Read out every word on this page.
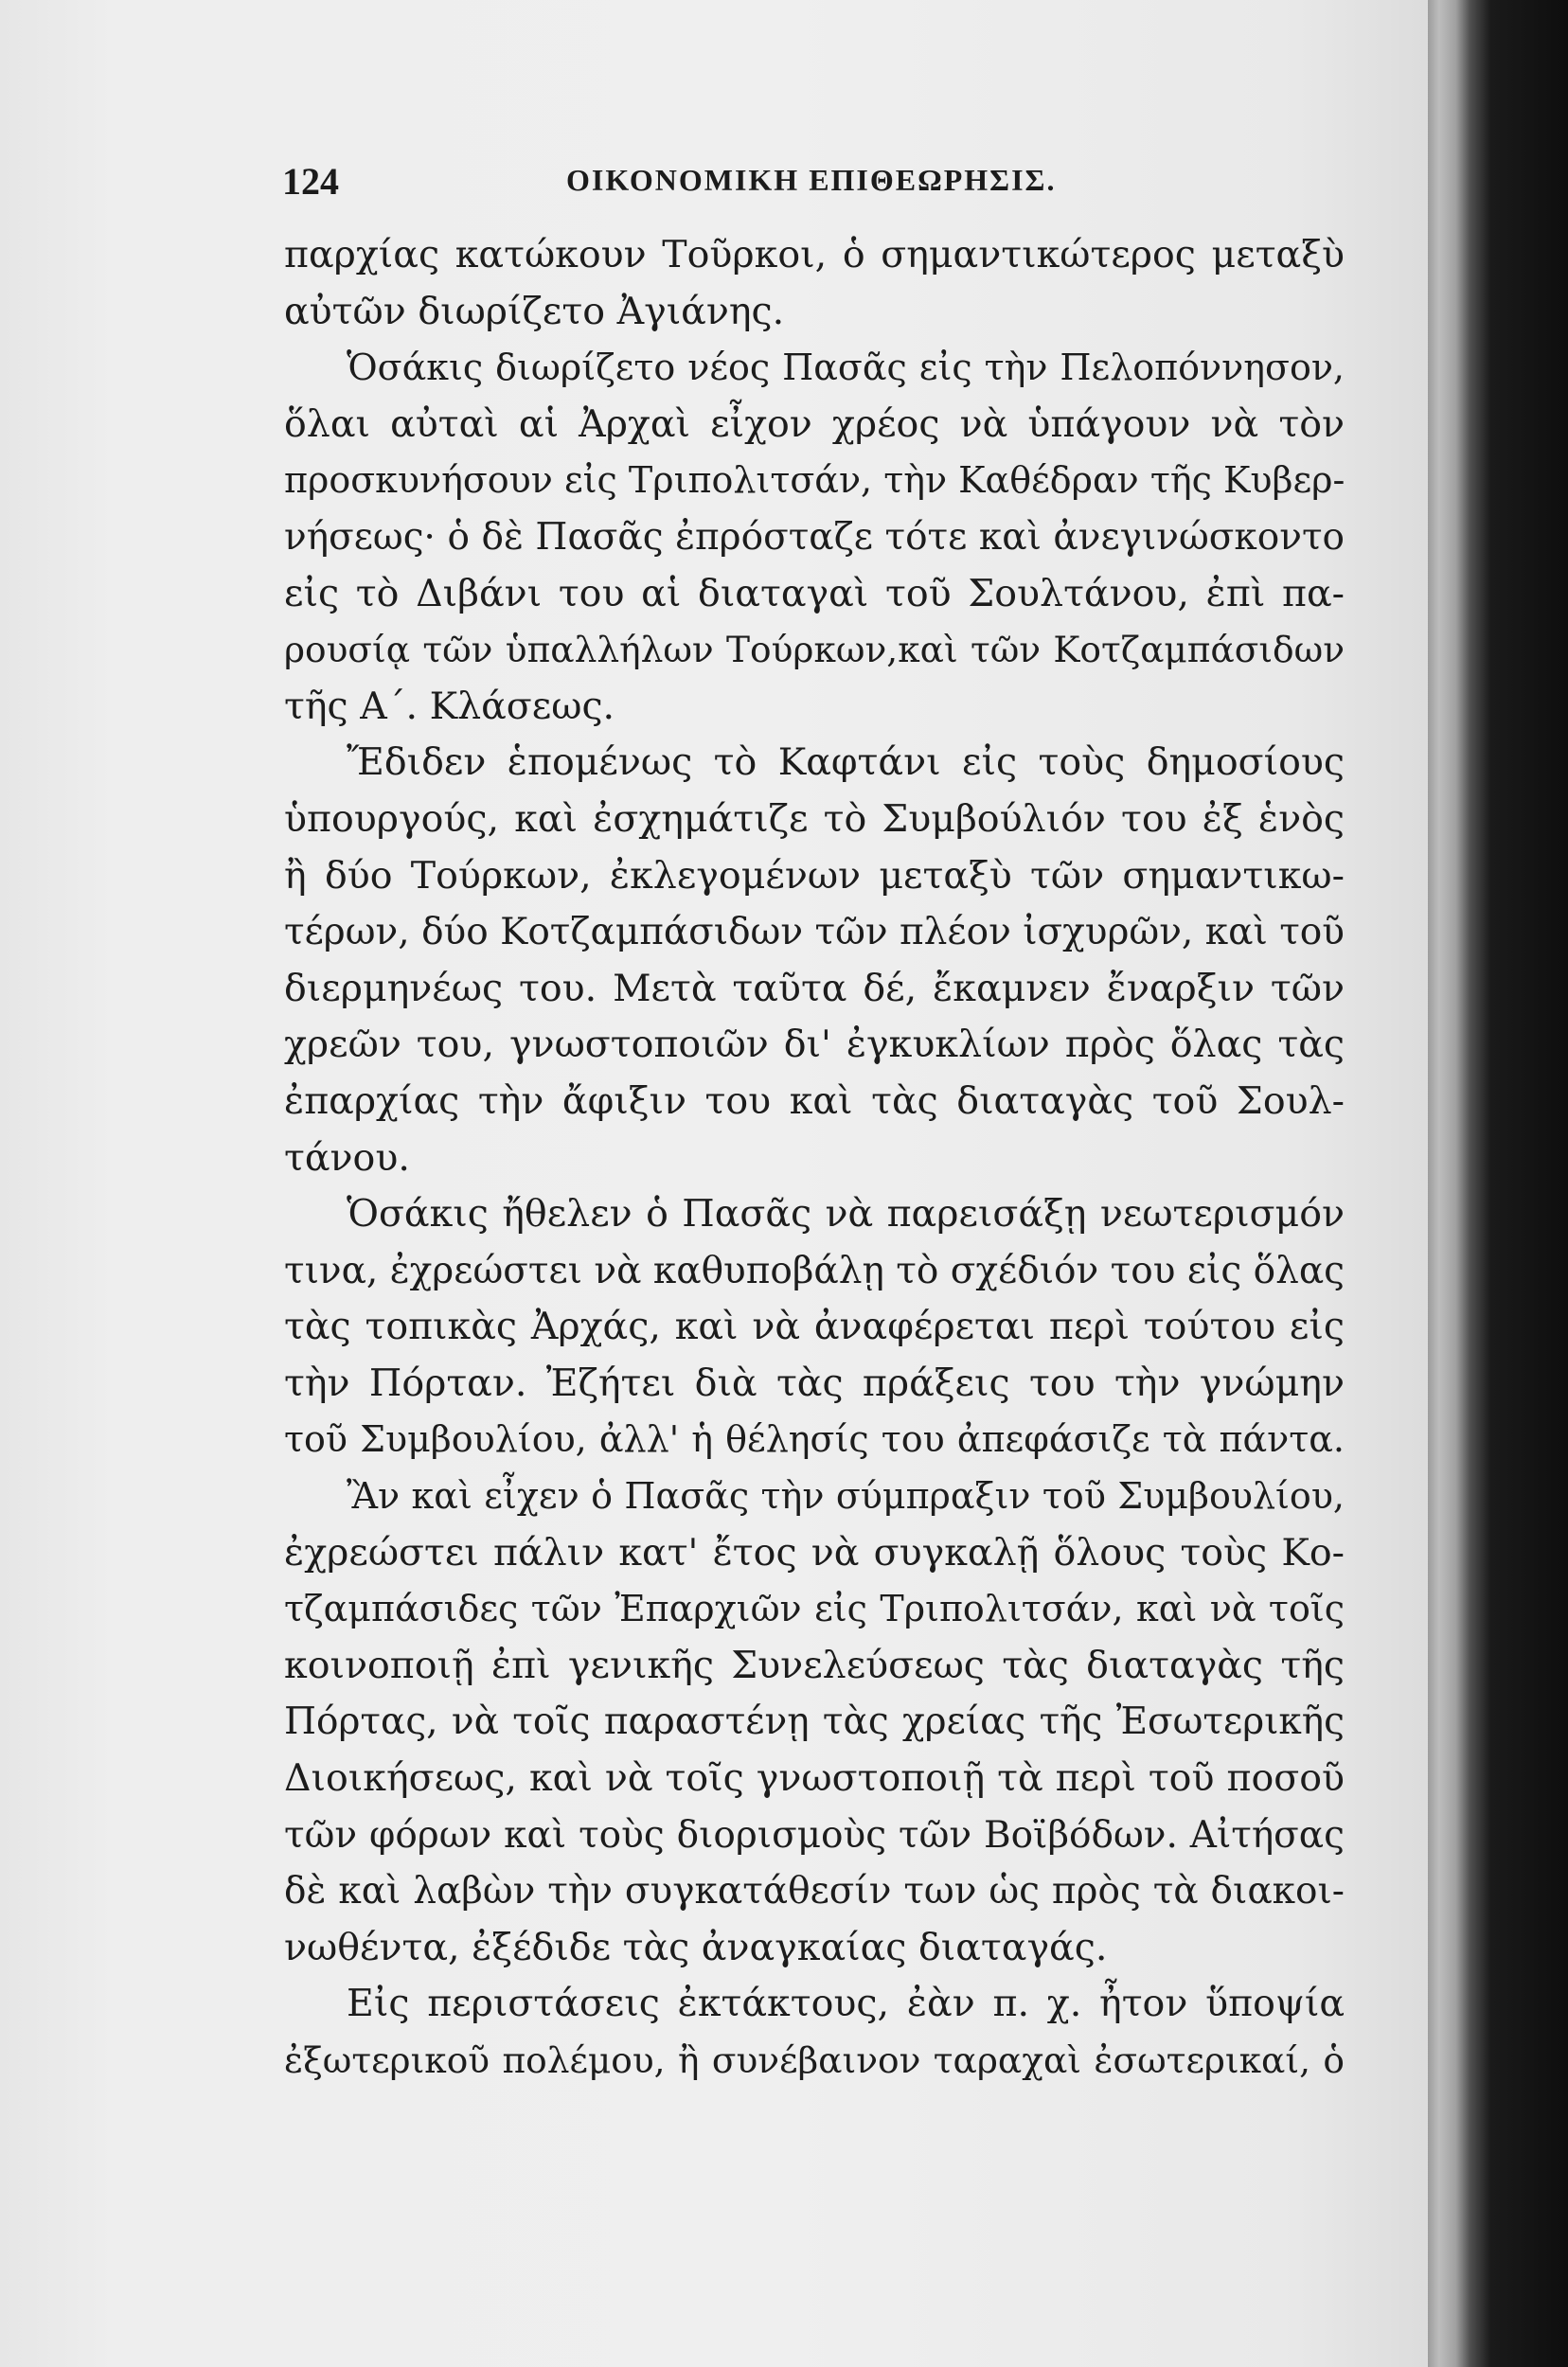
124	ΟΙΚΟΝΟΜΙΚΗ ΕΠΙΘΕΩΡΗΣΙΣ.
παρχίας κατώκουν Τοῦρκοι, ὁ σημαντικώτερος μεταξὺ
αὐτῶν διωρίζετο Ἀγιάνης.
Ὁσάκις διωρίζετο νέος Πασᾶς εἰς τὴν Πελοπόννησον,
ὅλαι αὐταὶ αἱ Ἀρχαὶ εἶχον χρέος νὰ ὑπάγουν νὰ τὸν
προσκυνήσουν εἰς Τριπολιτσάν, τὴν Καθέδραν τῆς Κυβερ-
νήσεως· ὁ δὲ Πασᾶς ἐπρόσταζε τότε καὶ ἀνεγινώσκοντο
εἰς τὸ Διβάνι του αἱ διαταγαὶ τοῦ Σουλτάνου, ἐπὶ πα-
ρουσίᾳ τῶν ὑπαλλήλων Τούρκων,καὶ τῶν Κοτζαμπάσιδων
τῆς Α΄. Κλάσεως.
Ἔδιδεν ἑπομένως τὸ Καφτάνι εἰς τοὺς δημοσίους
ὑπουργούς, καὶ ἐσχημάτιζε τὸ Συμβούλιόν του ἐξ ἑνὸς
ἢ δύο Τούρκων, ἐκλεγομένων μεταξὺ τῶν σημαντικω-
τέρων, δύο Κοτζαμπάσιδων τῶν πλέον ἰσχυρῶν, καὶ τοῦ
διερμηνέως του. Μετὰ ταῦτα δέ, ἔκαμνεν ἔναρξιν τῶν
χρεῶν του, γνωστοποιῶν δι' ἐγκυκλίων πρὸς ὅλας τὰς
ἐπαρχίας τὴν ἄφιξιν του καὶ τὰς διαταγὰς τοῦ Σουλ-
τάνου.
Ὁσάκις ἤθελεν ὁ Πασᾶς νὰ παρεισάξῃ νεωτερισμόν
τινα, ἐχρεώστει νὰ καθυποβάλῃ τὸ σχέδιόν του εἰς ὅλας
τὰς τοπικὰς Ἀρχάς, καὶ νὰ ἀναφέρεται περὶ τούτου εἰς
τὴν Πόρταν. Ἐζήτει διὰ τὰς πράξεις του τὴν γνώμην
τοῦ Συμβουλίου, ἀλλ' ἡ θέλησίς του ἀπεφάσιζε τὰ πάντα.
Ἂν καὶ εἶχεν ὁ Πασᾶς τὴν σύμπραξιν τοῦ Συμβουλίου,
ἐχρεώστει πάλιν κατ' ἔτος νὰ συγκαλῇ ὅλους τοὺς Κο-
τζαμπάσιδες τῶν Ἐπαρχιῶν εἰς Τριπολιτσάν, καὶ νὰ τοῖς
κοινοποιῇ ἐπὶ γενικῆς Συνελεύσεως τὰς διαταγὰς τῆς
Πόρτας, νὰ τοῖς παραστένῃ τὰς χρείας τῆς Ἐσωτερικῆς
Διοικήσεως, καὶ νὰ τοῖς γνωστοποιῇ τὰ περὶ τοῦ ποσοῦ
τῶν φόρων καὶ τοὺς διορισμοὺς τῶν Βοϊβόδων. Αἰτήσας
δὲ καὶ λαβὼν τὴν συγκατάθεσίν των ὡς πρὸς τὰ διακοι-
νωθέντα, ἐξέδιδε τὰς ἀναγκαίας διαταγάς.
Εἰς περιστάσεις ἐκτάκτους, ἐὰν π. χ. ἦτον ὕποψία
ἐξωτερικοῦ πολέμου, ἢ συνέβαινον ταραχαὶ ἐσωτερικαί, ὁ
